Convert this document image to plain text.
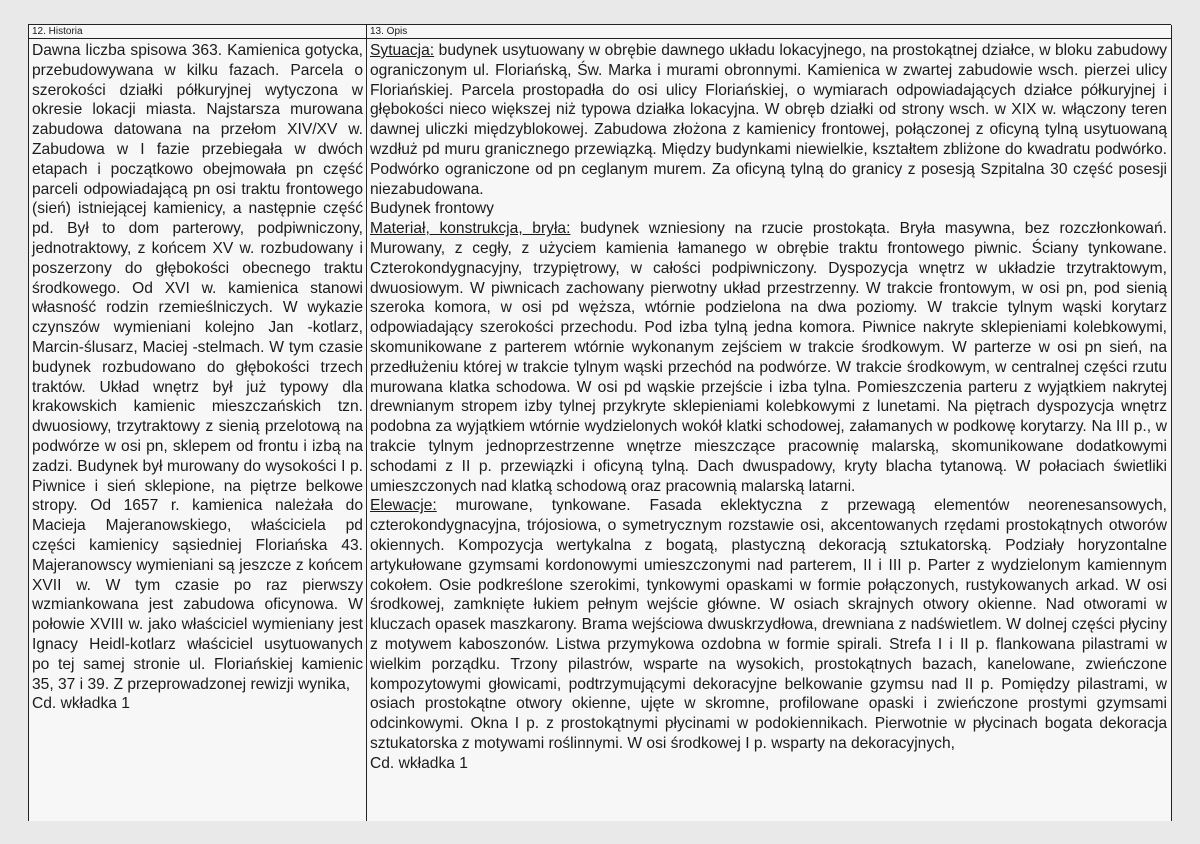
12. Historia

Dawna liczba spisowa 363. Kamienica gotycka, przebudowywana w kilku fazach. Parcela o szerokości działki półkuryjnej wytyczona w okresie lokacji miasta. Najstarsza murowana zabudowa datowana na przełom XIV/XV w. Zabudowa w I fazie przebiegała w dwóch etapach i początkowo obejmowała pn część parceli odpowiadającą pn osi traktu frontowego (sień) istniejącej kamienicy, a następnie część pd. Był to dom parterowy, podpiwniczony, jednotraktowy, z końcem XV w. rozbudowany i poszerzony do głębokości obecnego traktu środkowego. Od XVI w. kamienica stanowi własność rodzin rzemieślniczych. W wykazie czynszów wymieniani kolejno Jan -kotlarz, Marcin-ślusarz, Maciej -stelmach. W tym czasie budynek rozbudowano do głębokości trzech traktów. Układ wnętrz był już typowy dla krakowskich kamienic mieszczańskich tzn. dwuosiowy, trzytraktowy z sienią przelotową na podwórze w osi pn, sklepem od frontu i izbą na zadzi. Budynek był murowany do wysokości I p. Piwnice i sień sklepione, na piętrze belkowe stropy. Od 1657 r. kamienica należała do Macieja Majeranowskiego, właściciela pd części kamienicy sąsiedniej Floriańska 43. Majeranowscy wymieniani są jeszcze z końcem XVII w. W tym czasie po raz pierwszy wzmiankowana jest zabudowa oficynowa. W połowie XVIII w. jako właściciel wymieniany jest Ignacy Heidl-kotlarz właściciel usytuowanych po tej samej stronie ul. Floriańskiej kamienic 35, 37 i 39. Z przeprowadzonej rewizji wynika,

Cd. wkładka 1
13. Opis

Sytuacja: budynek usytuowany w obrębie dawnego układu lokacyjnego, na prostokątnej działce, w bloku zabudowy ograniczonym ul. Floriańską, Św. Marka i murami obronnymi. Kamienica w zwartej zabudowie wsch. pierzei ulicy Floriańskiej. Parcela prostopadła do osi ulicy Floriańskiej, o wymiarach odpowiadających działce półkuryjnej i głębokości nieco większej niż typowa działka lokacyjna. W obręb działki od strony wsch. w XIX w. włączony teren dawnej uliczki międzyblokowej. Zabudowa złożona z kamienicy frontowej, połączonej z oficyną tylną usytuowaną wzdłuż pd muru granicznego przewiązką. Między budynkami niewielkie, kształtem zbliżone do kwadratu podwórko. Podwórko ograniczone od pn ceglanym murem. Za oficyną tylną do granicy z posesją Szpitalna 30 część posesji niezabudowana.

Budynek frontowy

Materiał, konstrukcja, bryła: budynek wzniesiony na rzucie prostokąta. Bryła masywna, bez rozczłonkowań. Murowany, z cegły, z użyciem kamienia łamanego w obrębie traktu frontowego piwnic. Ściany tynkowane. Czterokondygnacyjny, trzypiętrowy, w całości podpiwniczony. Dyspozycja wnętrz w układzie trzytraktowym, dwuosiowym. W piwnicach zachowany pierwotny układ przestrzenny. W trakcie frontowym, w osi pn, pod sienią szeroka komora, w osi pd węższa, wtórnie podzielona na dwa poziomy. W trakcie tylnym wąski korytarz odpowiadający szerokości przechodu. Pod izba tylną jedna komora. Piwnice nakryte sklepieniami kolebkowymi, skomunikowane z parterem wtórnie wykonanym zejściem w trakcie środkowym. W parterze w osi pn sień, na przedłużeniu której w trakcie tylnym wąski przechód na podwórze. W trakcie środkowym, w centralnej części rzutu murowana klatka schodowa. W osi pd wąskie przejście i izba tylna. Pomieszczenia parteru z wyjątkiem nakrytej drewnianym stropem izby tylnej przykryte sklepieniami kolebkowymi z lunetami. Na piętrach dyspozycja wnętrz podobna za wyjątkiem wtórnie wydzielonych wokół klatki schodowej, załamanych w podkowę korytarzy. Na III p., w trakcie tylnym jednoprzestrzenne wnętrze mieszczące pracownię malarską, skomunikowane dodatkowymi schodami z II p. przewiązki i oficyną tylną. Dach dwuspadowy, kryty blacha tytanową. W połaciach świetliki umieszczonych nad klatką schodową oraz pracownią malarską latarni.

Elewacje: murowane, tynkowane. Fasada eklektyczna z przewagą elementów neorenesansowych, czterokondygnacyjna, trójosiowa, o symetrycznym rozstawie osi, akcentowanych rzędami prostokątnych otworów okiennych. Kompozycja wertykalna z bogatą, plastyczną dekoracją sztukatorską. Podziały horyzontalne artykułowane gzymsami kordonowymi umieszczonymi nad parterem, II i III p. Parter z wydzielonym kamiennym cokołem. Osie podkreślone szerokimi, tynkowymi opaskami w formie połączonych, rustykowanych arkad. W osi środkowej, zamknięte łukiem pełnym wejście główne. W osiach skrajnych otwory okienne. Nad otworami w kluczach opasek maszkarony. Brama wejściowa dwuskrzydłowa, drewniana z nadświetlem. W dolnej części płyciny z motywem kaboszonów. Listwa przymykowa ozdobna w formie spirali. Strefa I i II p. flankowana pilastrami w wielkim porządku. Trzony pilastrów, wsparte na wysokich, prostokątnych bazach, kanelowane, zwieńczone kompozytowymi głowicami, podtrzymującymi dekoracyjne belkowanie gzymsu nad II p. Pomiędzy pilastrami, w osiach prostokątne otwory okienne, ujęte w skromne, profilowane opaski i zwieńczone prostymi gzymsami odcinkowymi. Okna I p. z prostokątnymi płycinami w podokiennikach. Pierwotnie w płycinach bogata dekoracja sztukatorska z motywami roślinnymi. W osi środkowej I p. wsparty na dekoracyjnych,

Cd. wkładka 1
